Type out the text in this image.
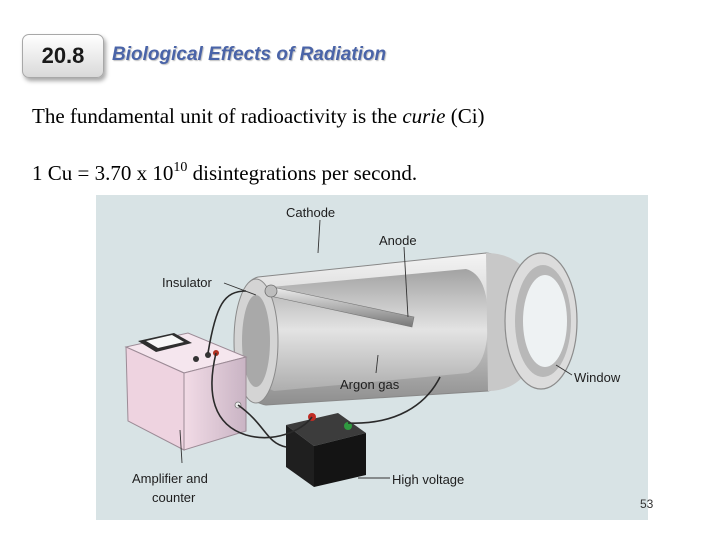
20.8	Biological Effects of Radiation
The fundamental unit of radioactivity is the curie (Ci)
1 Cu = 3.70 x $10^{10}$ disintegrations per second.
Cathode
Anode
Insulator
Argon gas	Window
Amplifier and
counter
High voltage
53
